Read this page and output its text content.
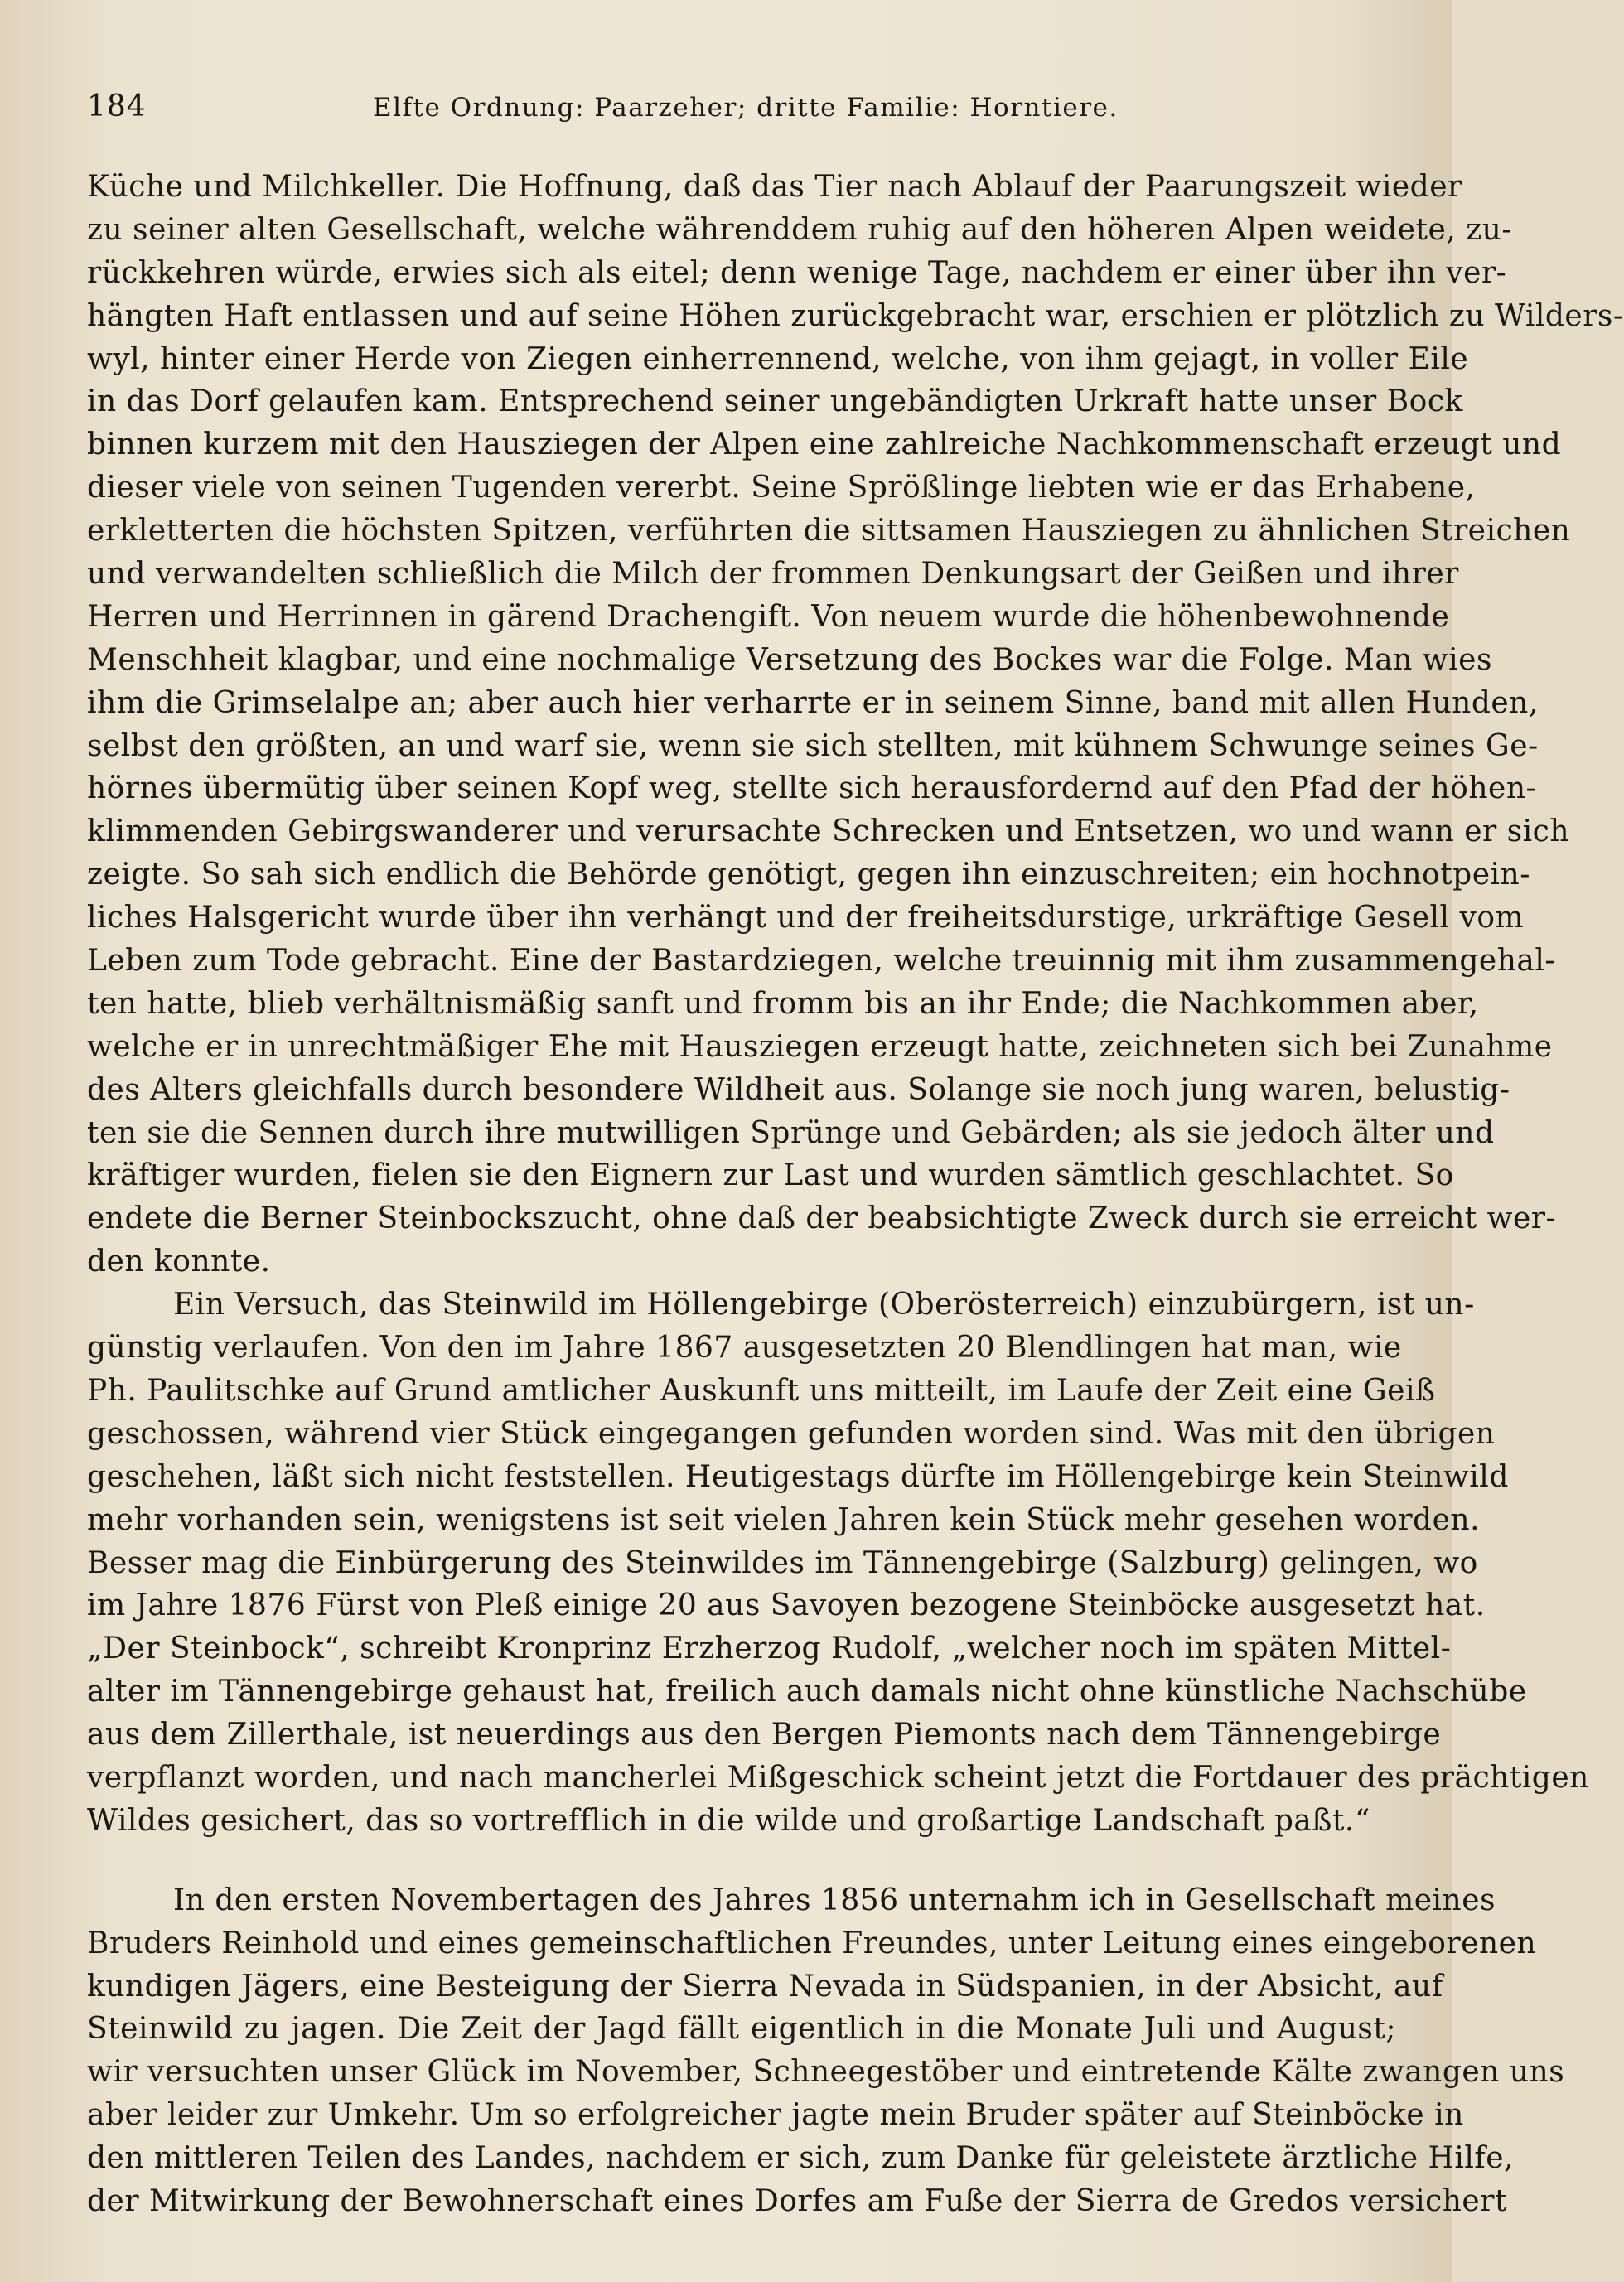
184	Elfte Ordnung: Paarzeher; dritte Familie: Horntiere.
Küche und Milchkeller. Die Hoffnung, daß das Tier nach Ablauf der Paarungszeit wieder
zu seiner alten Gesellschaft, welche währenddem ruhig auf den höheren Alpen weidete, zu-
rückkehren würde, erwies sich als eitel; denn wenige Tage, nachdem er einer über ihn ver-
hängten Haft entlassen und auf seine Höhen zurückgebracht war, erschien er plötzlich zu Wilders-
wyl, hinter einer Herde von Ziegen einherrennend, welche, von ihm gejagt, in voller Eile
in das Dorf gelaufen kam. Entsprechend seiner ungebändigten Urkraft hatte unser Bock
binnen kurzem mit den Hausziegen der Alpen eine zahlreiche Nachkommenschaft erzeugt und
dieser viele von seinen Tugenden vererbt. Seine Sprößlinge liebten wie er das Erhabene,
erkletterten die höchsten Spitzen, verführten die sittsamen Hausziegen zu ähnlichen Streichen
und verwandelten schließlich die Milch der frommen Denkungsart der Geißen und ihrer
Herren und Herrinnen in gärend Drachengift. Von neuem wurde die höhenbewohnende
Menschheit klagbar, und eine nochmalige Versetzung des Bockes war die Folge. Man wies
ihm die Grimselalpe an; aber auch hier verharrte er in seinem Sinne, band mit allen Hunden,
selbst den größten, an und warf sie, wenn sie sich stellten, mit kühnem Schwunge seines Ge-
hörnes übermütig über seinen Kopf weg, stellte sich herausfordernd auf den Pfad der höhen-
klimmenden Gebirgswanderer und verursachte Schrecken und Entsetzen, wo und wann er sich
zeigte. So sah sich endlich die Behörde genötigt, gegen ihn einzuschreiten; ein hochnotpein-
liches Halsgericht wurde über ihn verhängt und der freiheitsdurstige, urkräftige Gesell vom
Leben zum Tode gebracht. Eine der Bastardziegen, welche treuinnig mit ihm zusammengehal-
ten hatte, blieb verhältnismäßig sanft und fromm bis an ihr Ende; die Nachkommen aber,
welche er in unrechtmäßiger Ehe mit Hausziegen erzeugt hatte, zeichneten sich bei Zunahme
des Alters gleichfalls durch besondere Wildheit aus. Solange sie noch jung waren, belustig-
ten sie die Sennen durch ihre mutwilligen Sprünge und Gebärden; als sie jedoch älter und
kräftiger wurden, fielen sie den Eignern zur Last und wurden sämtlich geschlachtet. So
endete die Berner Steinbockszucht, ohne daß der beabsichtigte Zweck durch sie erreicht wer-
den konnte.
Ein Versuch, das Steinwild im Höllengebirge (Oberösterreich) einzubürgern, ist un-
günstig verlaufen. Von den im Jahre 1867 ausgesetzten 20 Blendlingen hat man, wie
Ph. Paulitschke auf Grund amtlicher Auskunft uns mitteilt, im Laufe der Zeit eine Geiß
geschossen, während vier Stück eingegangen gefunden worden sind. Was mit den übrigen
geschehen, läßt sich nicht feststellen. Heutigestags dürfte im Höllengebirge kein Steinwild
mehr vorhanden sein, wenigstens ist seit vielen Jahren kein Stück mehr gesehen worden.
Besser mag die Einbürgerung des Steinwildes im Tännengebirge (Salzburg) gelingen, wo
im Jahre 1876 Fürst von Pleß einige 20 aus Savoyen bezogene Steinböcke ausgesetzt hat.
„Der Steinbock“, schreibt Kronprinz Erzherzog Rudolf, „welcher noch im späten Mittel-
alter im Tännengebirge gehaust hat, freilich auch damals nicht ohne künstliche Nachschübe
aus dem Zillerthale, ist neuerdings aus den Bergen Piemonts nach dem Tännengebirge
verpflanzt worden, und nach mancherlei Mißgeschick scheint jetzt die Fortdauer des prächtigen
Wildes gesichert, das so vortrefflich in die wilde und großartige Landschaft paßt.“
In den ersten Novembertagen des Jahres 1856 unternahm ich in Gesellschaft meines
Bruders Reinhold und eines gemeinschaftlichen Freundes, unter Leitung eines eingeborenen
kundigen Jägers, eine Besteigung der Sierra Nevada in Südspanien, in der Absicht, auf
Steinwild zu jagen. Die Zeit der Jagd fällt eigentlich in die Monate Juli und August;
wir versuchten unser Glück im November, Schneegestöber und eintretende Kälte zwangen uns
aber leider zur Umkehr. Um so erfolgreicher jagte mein Bruder später auf Steinböcke in
den mittleren Teilen des Landes, nachdem er sich, zum Danke für geleistete ärztliche Hilfe,
der Mitwirkung der Bewohnerschaft eines Dorfes am Fuße der Sierra de Gredos versichert
